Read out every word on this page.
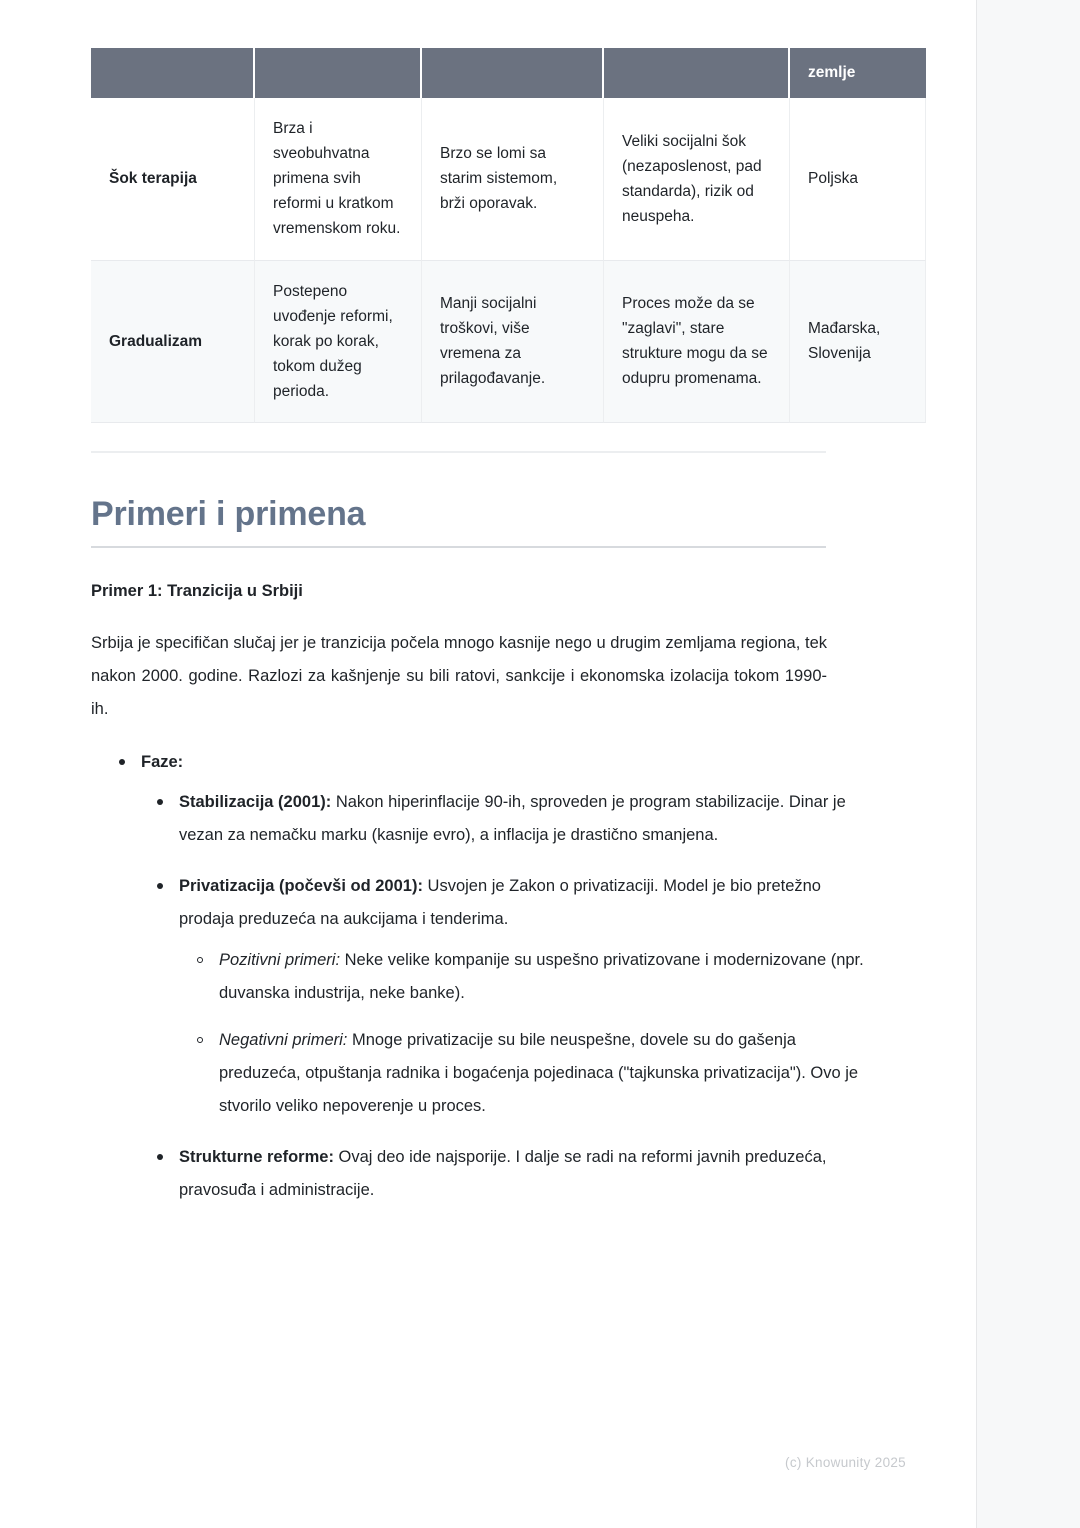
				zemlje
Šok terapija	Brza i sveobuhvatna primena svih reformi u kratkom vremenskom roku.	Brzo se lomi sa starim sistemom, brži oporavak.	Veliki socijalni šok (nezaposlenost, pad standarda), rizik od neuspeha.	Poljska
Gradualizam	Postepeno uvođenje reformi, korak po korak, tokom dužeg perioda.	Manji socijalni troškovi, više vremena za prilagođavanje.	Proces može da se "zaglavi", stare strukture mogu da se odupru promenama.	Mađarska, Slovenija
Primeri i primena
Primer 1: Tranzicija u Srbiji

Srbija je specifičan slučaj jer je tranzicija počela mnogo kasnije nego u drugim zemljama regiona, tek nakon 2000. godine. Razlozi za kašnjenje su bili ratovi, sankcije i ekonomska izolacija tokom 1990-ih.

Faze:
Stabilizacija (2001): Nakon hiperinflacije 90-ih, sproveden je program stabilizacije. Dinar je vezan za nemačku marku (kasnije evro), a inflacija je drastično smanjena.
Privatizacija (počevši od 2001): Usvojen je Zakon o privatizaciji. Model je bio pretežno prodaja preduzeća na aukcijama i tenderima.
Pozitivni primeri: Neke velike kompanije su uspešno privatizovane i modernizovane (npr. duvanska industrija, neke banke).
Negativni primeri: Mnoge privatizacije su bile neuspešne, dovele su do gašenja preduzeća, otpuštanja radnika i bogaćenja pojedinaca ("tajkunska privatizacija"). Ovo je stvorilo veliko nepoverenje u proces.
Strukturne reforme: Ovaj deo ide najsporije. I dalje se radi na reformi javnih preduzeća, pravosuđa i administracije.
(c) Knowunity 2025
